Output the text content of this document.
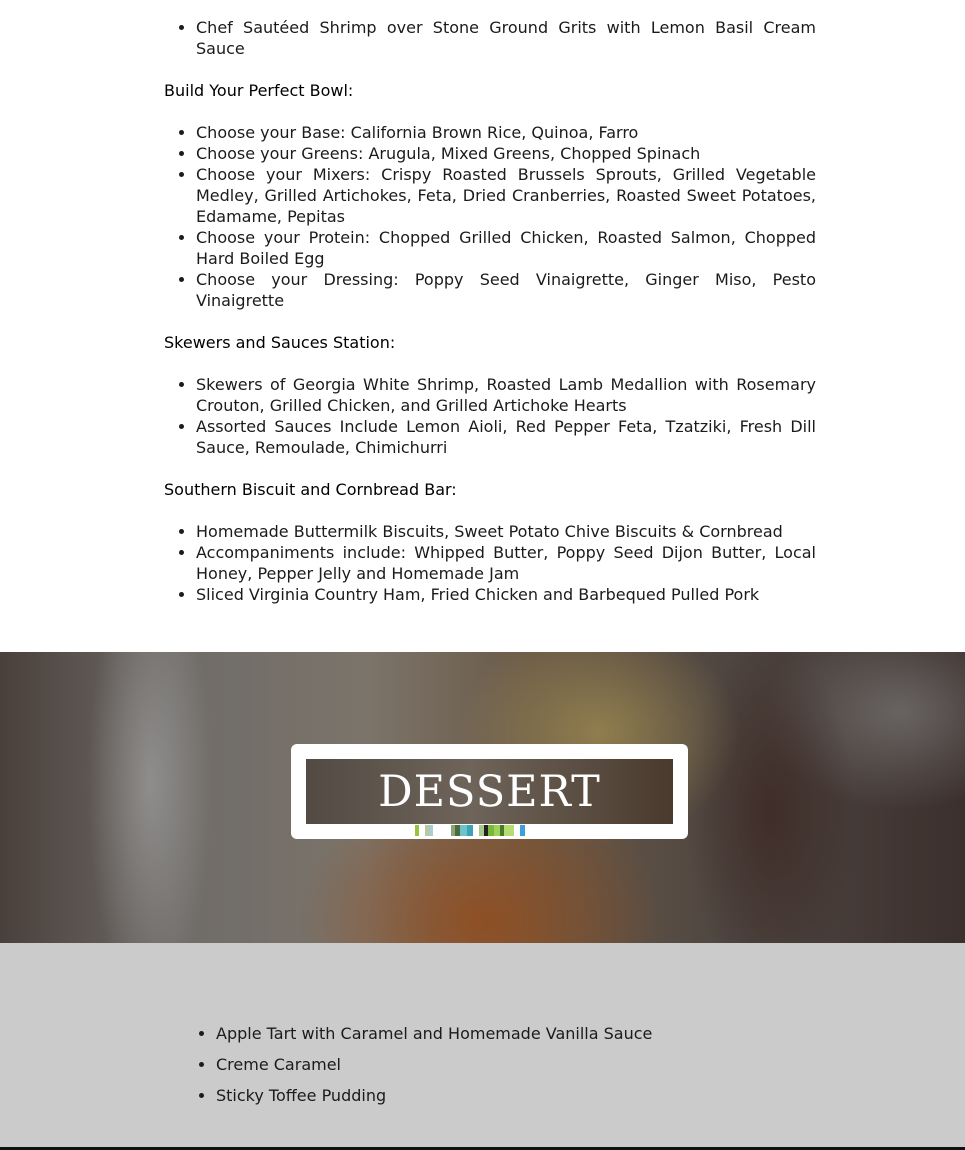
• Chef Sautéed Shrimp over Stone Ground Grits with Lemon Basil Cream Sauce
Build Your Perfect Bowl:
• Choose your Base: California Brown Rice, Quinoa, Farro
• Choose your Greens: Arugula, Mixed Greens, Chopped Spinach
• Choose your Mixers: Crispy Roasted Brussels Sprouts, Grilled Vegetable Medley, Grilled Artichokes, Feta, Dried Cranberries, Roasted Sweet Potatoes, Edamame, Pepitas
• Choose your Protein: Chopped Grilled Chicken, Roasted Salmon, Chopped Hard Boiled Egg
• Choose your Dressing: Poppy Seed Vinaigrette, Ginger Miso, Pesto Vinaigrette
Skewers and Sauces Station:
• Skewers of Georgia White Shrimp, Roasted Lamb Medallion with Rosemary Crouton, Grilled Chicken, and Grilled Artichoke Hearts
• Assorted Sauces Include Lemon Aioli, Red Pepper Feta, Tzatziki, Fresh Dill Sauce, Remoulade, Chimichurri
Southern Biscuit and Cornbread Bar:
• Homemade Buttermilk Biscuits, Sweet Potato Chive Biscuits & Cornbread
• Accompaniments include: Whipped Butter, Poppy Seed Dijon Butter, Local Honey, Pepper Jelly and Homemade Jam
• Sliced Virginia Country Ham, Fried Chicken and Barbequed Pulled Pork
DESSERT
• Apple Tart with Caramel and Homemade Vanilla Sauce
• Creme Caramel
• Sticky Toffee Pudding
